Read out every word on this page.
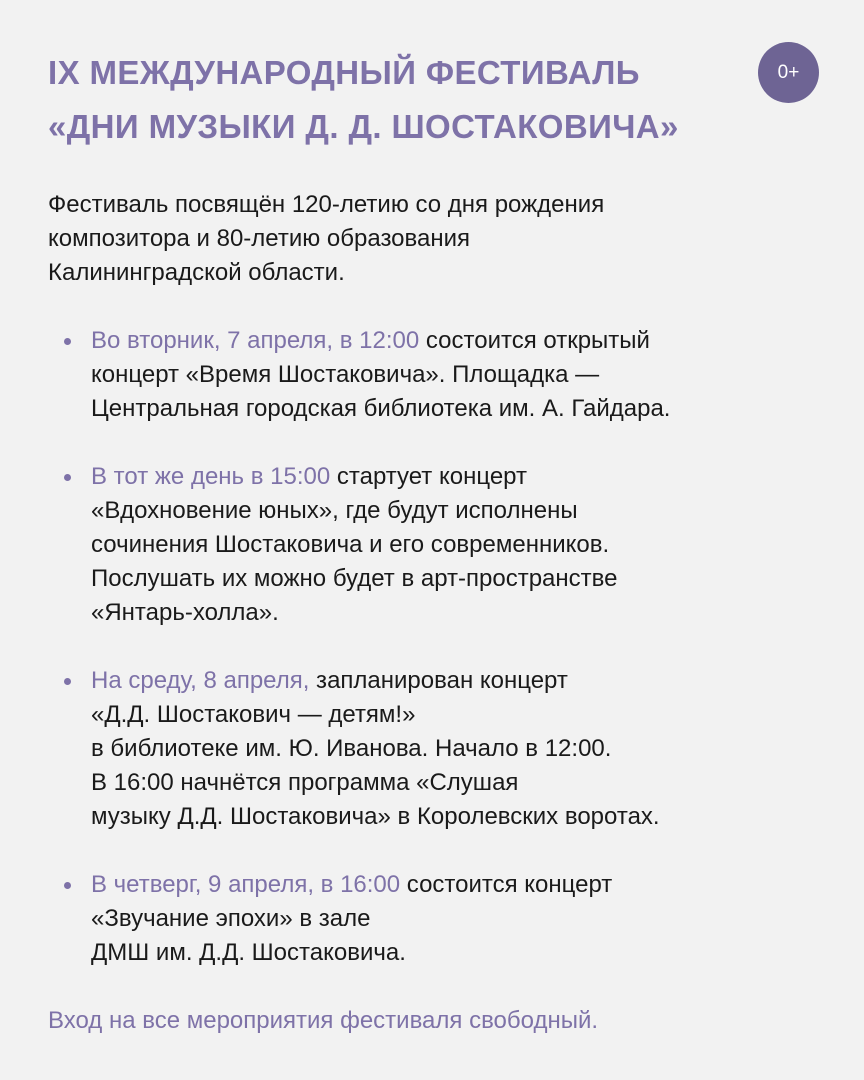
IX МЕЖДУНАРОДНЫЙ ФЕСТИВАЛЬ
«ДНИ МУЗЫКИ Д. Д. ШОСТАКОВИЧА»
0+

Фестиваль посвящён 120-летию со дня рождения
композитора и 80-летию образования
Калининградской области.

Во вторник, 7 апреля, в 12:00 состоится открытый
концерт «Время Шостаковича». Площадка —
Центральная городская библиотека им. А. Гайдара.
В тот же день в 15:00 стартует концерт
«Вдохновение юных», где будут исполнены
сочинения Шостаковича и его современников.
Послушать их можно будет в арт-пространстве
«Янтарь-холла».
На среду, 8 апреля, запланирован концерт
«Д.Д. Шостакович — детям!»
в библиотеке им. Ю. Иванова. Начало в 12:00.
В 16:00 начнётся программа «Слушая
музыку Д.Д. Шостаковича» в Королевских воротах.
В четверг, 9 апреля, в 16:00 состоится концерт
«Звучание эпохи» в зале
ДМШ им. Д.Д. Шостаковича.

Вход на все мероприятия фестиваля свободный.
